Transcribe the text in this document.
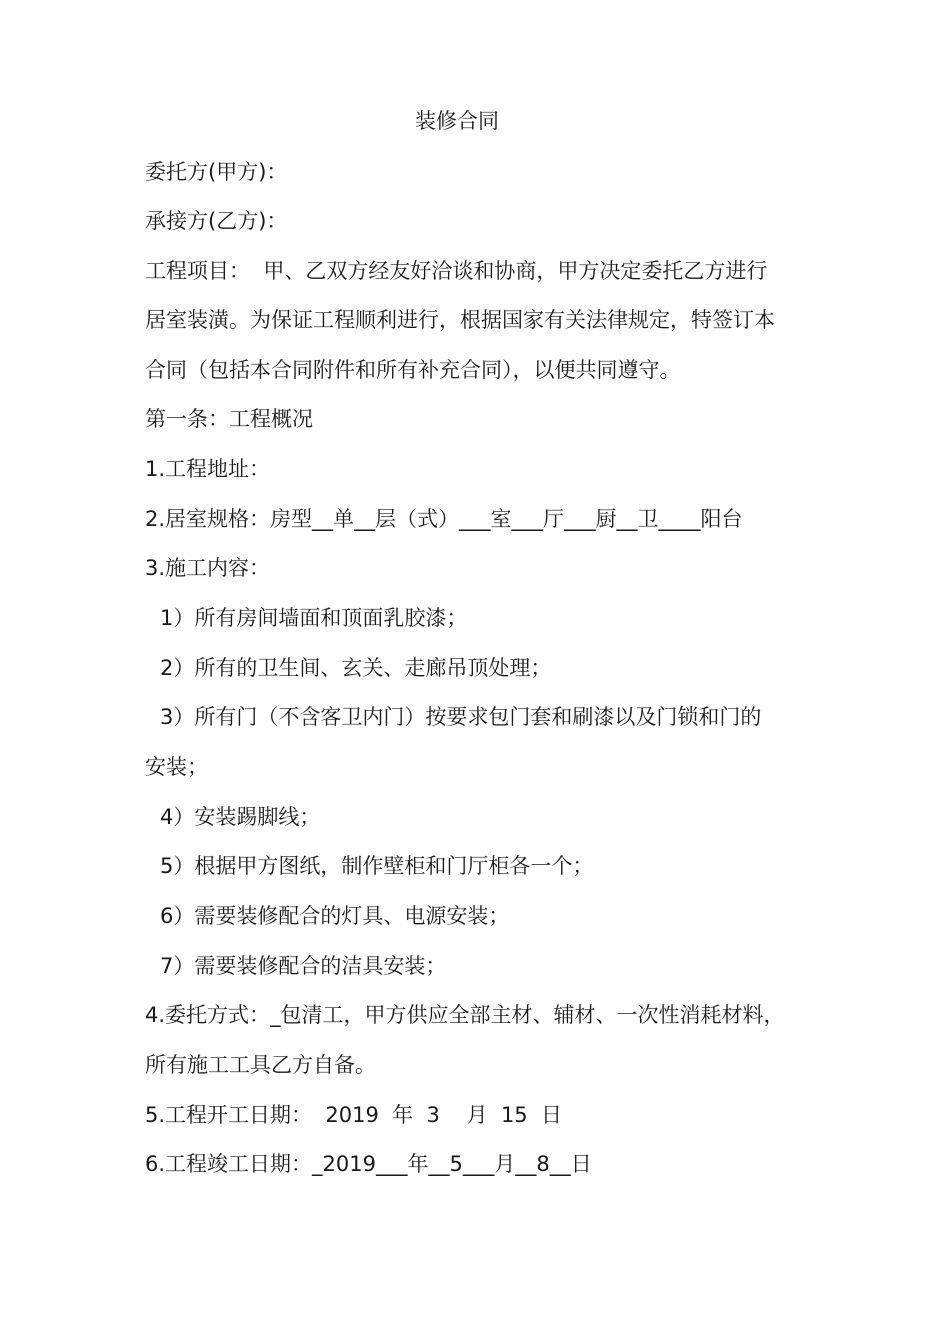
装修合同
委托方(甲方)：
承接方(乙方)：
工程项目：  甲、乙双方经友好洽谈和协商，甲方决定委托乙方进行
居室装潢。为保证工程顺利进行，根据国家有关法律规定，特签订本
合同（包括本合同附件和所有补充合同），以便共同遵守。
第一条：工程概况
1.工程地址：
2.居室规格：房型__单__层（式）___室___厅___厨__卫____阳台
3.施工内容：
1）所有房间墙面和顶面乳胶漆；
2）所有的卫生间、玄关、走廊吊顶处理；
3）所有门（不含客卫内门）按要求包门套和刷漆以及门锁和门的
安装；
4）安装踢脚线；
5）根据甲方图纸，制作壁柜和门厅柜各一个；
6）需要装修配合的灯具、电源安装；
7）需要装修配合的洁具安装；
4.委托方式：_包清工，甲方供应全部主材、辅材、一次性消耗材料，
所有施工工具乙方自备。
5.工程开工日期：  2019  年  3    月  15  日
6.工程竣工日期：_2019___年__5___月__8__日
